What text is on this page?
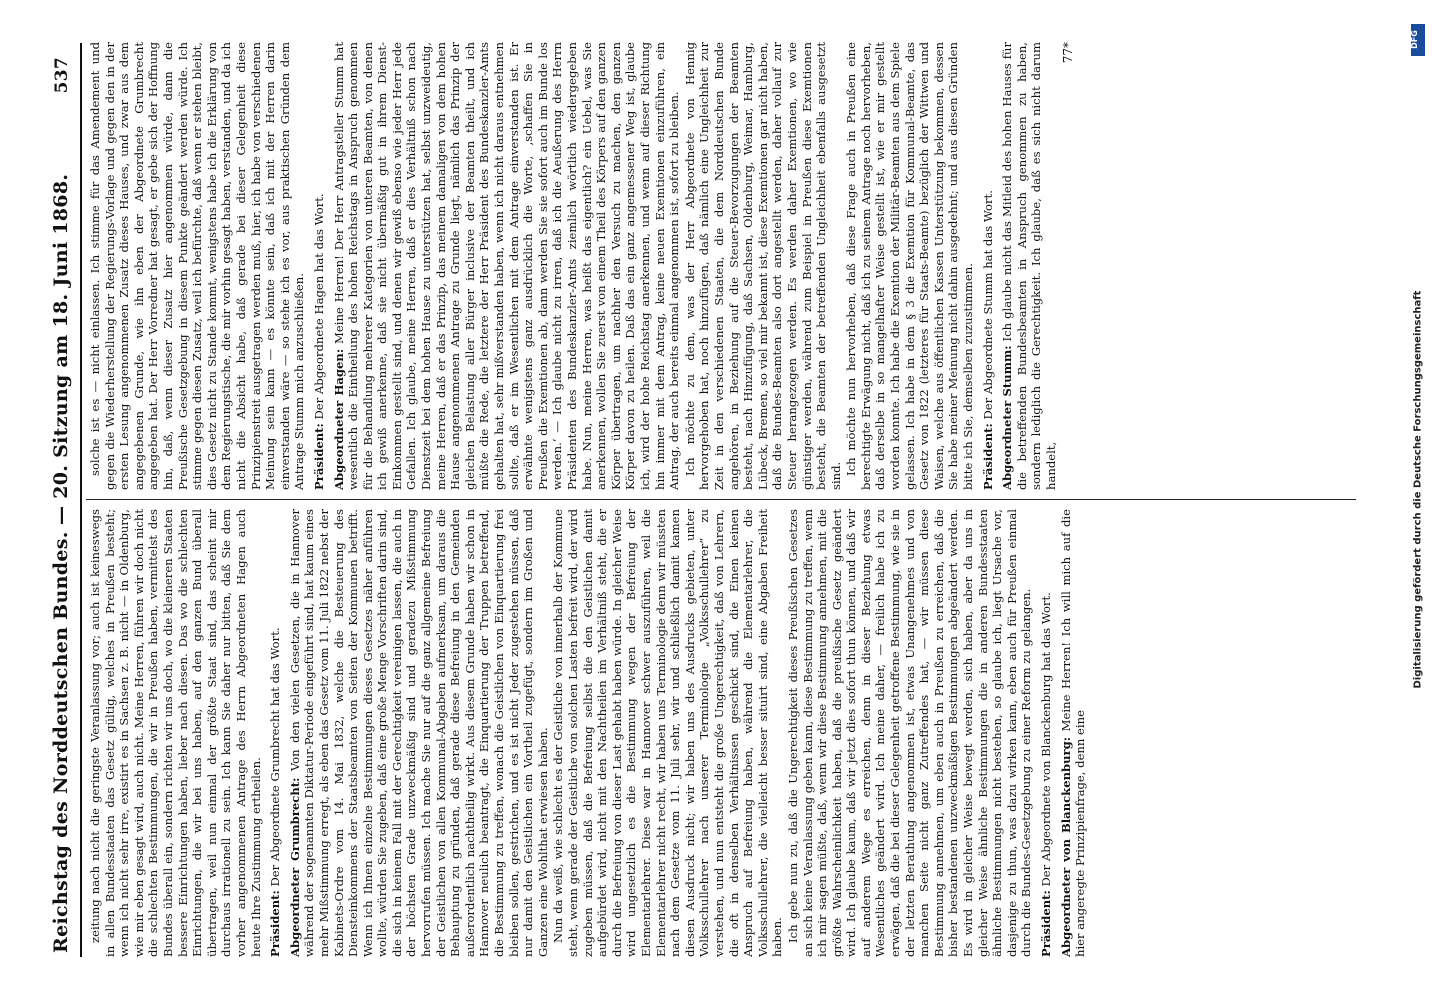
Reichstag des Norddeutschen Bundes.
— 20. Sitzung am 18. Juni 1868.
537

zeitung nach nicht die geringste Veranlassung vor; auch ist keineswegs in allen Bundesstaaten das Gesetz gültig, welches in Preußen besteht; wenn ich nicht sehr irre, existirt es in Sachsen z. B. nicht — in Oldenburg, wie mir eben gesagt wird, auch nicht. Meine Herren, führen wir doch nicht die schlechten Bestimmungen, die wir in Preußen haben, vermittelst des Bundes überall ein, sondern richten wir uns doch, wo die kleineren Staaten bessere Einrichtungen haben, lieber nach diesen. Das wo die schlechten Einrichtungen, die wir bei uns haben, auf den ganzen Bund überall übertragen, weil nun einmal der größte Staat sind, das scheint mir durchaus irrationell zu sein. Ich kann Sie daher nur bitten, daß Sie dem vorher angenommenen Antrage des Herrn Abgeordneten Hagen auch heute Ihre Zustimmung ertheilen. Präsident: Der Abgeordnete Grumbrecht hat das Wort. Abgeordneter Grumbrecht: Von den vielen Gesetzen, die in Hannover während der sogenannten Diktatur-Periode eingeführt sind, hat kaum eines mehr Mißstimmung erregt, als eben das Gesetz vom 11. Juli 1822 nebst der Kabinets-Ordre vom 14. Mai 1832, welche die Besteuerung des Diensteinkommens der Staatsbeamten von Seiten der Kommunen betrifft. Wenn ich Ihnen einzelne Bestimmungen dieses Gesetzes näher anführen wollte, würden Sie zugeben, daß eine große Menge Vorschriften darin sind, die sich in keinem Fall mit der Gerechtigkeit vereinigen lassen, die auch in der höchsten Grade unzweckmäßig sind und geradezu Mißstimmung hervorrufen müssen. Ich mache Sie nur auf die ganz allgemeine Befreiung der Geistlichen von allen Kommunal-Abgaben aufmerksam, um daraus die Behauptung zu gründen, daß gerade diese Befreiung in den Gemeinden außerordentlich nachtheilig wirkt. Aus diesem Grunde haben wir schon in Hannover neulich beantragt, die Einquartierung der Truppen betreffend, die Bestimmung zu treffen, wonach die Geistlichen von Einquartierung frei bleiben sollen, gestrichen, und es ist nicht Jeder zugestehen müssen, daß nur damit den Geistlichen ein Vortheil zugefügt, sondern im Großen und Ganzen eine Wohlthat erwiesen haben. Nun da weiß, wie schlecht es der Geistliche von innerhalb der Kommune steht, wenn gerade der Geistliche von solchen Lasten befreit wird, der wird zugeben müssen, daß die Befreiung selbst die den Geistlichen damit aufgebürdet wird, nicht mit den Nachtheilen im Verhältniß steht, die er durch die Befreiung von dieser Last gehabt haben würde. In gleicher Weise wird ungesetzlich es die Bestimmung wegen der Befreiung der Elementarlehrer. Diese war in Hannover schwer auszuführen, weil die Elementarlehrer nicht recht, wir haben uns Terminologie denn wir müssten nach dem Gesetze vom 11. Juli sehr, wir und schließlich damit kamen diesen Ausdruck nicht; wir haben uns des Ausdrucks gebieten, unter Volksschullehrer nach unserer Terminologie „Volksschullehrer“ zu verstehen, und nun entsteht die große Ungerechtigkeit, daß von Lehrern, die oft in denselben Verhältnissen geschickt sind, die Einen keinen Anspruch auf Befreiung haben, während die Elementarlehrer, die Volksschullehrer, die vielleicht besser situirt sind, eine Abgaben Freiheit haben. Ich gebe nun zu, daß die Ungerechtigkeit dieses Preußischen Gesetzes an sich keine Veranlassung geben kann, diese Bestimmung zu treffen, wenn ich mir sagen müßte, daß, wenn wir diese Bestimmung annehmen, mit die größte Wahrscheinlichkeit haben, daß die preußische Gesetz geändert wird. Ich glaube kaum, daß wir jetzt dies sofort thun können, und daß wir auf anderem Wege es erreichen, denn in dieser Beziehung etwas Wesentliches geändert wird. Ich meine daher, — freilich habe ich zu erwägen, daß die bei dieser Gelegenheit getroffene Bestimmung, wie sie in der letzten Berathung angenommen ist, etwas Unangenehmes und von manchen Seite nicht ganz Zutreffendes hat, — wir müssen diese Bestimmung annehmen, um eben auch in Preußen zu erreichen, daß die bisher bestandenen unzweckmäßigen Bestimmungen abgeändert werden. Es wird in gleicher Weise bewegt werden, sich haben, aber da uns in gleicher Weise ähnliche Bestimmungen die in anderen Bundesstaaten ähnliche Bestimmungen nicht bestehen, so glaube ich, liegt Ursache vor, dasjenige zu thun, was dazu wirken kann, eben auch für Preußen einmal durch die Bundes-Gesetzgebung zu einer Reform zu gelangen. Präsident: Der Abgeordnete von Blanckenburg hat das Wort. Abgeordneter von Blanckenburg: Meine Herren! Ich will mich auf die hier angeregte Prinzipienfrage, denn eine

solche ist es — nicht einlassen. Ich stimme für das Amendement und gegen die Wiederherstellung der Regierungs-Vorlage und gegen den in der ersten Lesung angenommenen Zusatz dieses Hauses, und zwar aus dem angegebenen Grunde, wie ihn eben der Abgeordnete Grumbrecht angegeben hat. Der Herr Vorredner hat gesagt, er gebe sich der Hoffnung hin, daß, wenn dieser Zusatz hier angenommen würde, dann die Preußische Gesetzgebung in diesem Punkte geändert werden würde. Ich stimme gegen diesen Zusatz, weil ich befürchte, daß wenn er stehen bleibt, dies Gesetz nicht zu Stande kommt, wenigstens habe ich die Erklärung von dem Regierungstische, die mir vorhin gesagt haben, verstanden, und da ich nicht die Absicht habe, daß gerade bei dieser Gelegenheit diese Prinzipienstreit ausgetragen werden muß, hier, ich habe von verschiedenen Meinung sein kann — es könnte sein, daß ich mit der Herren darin einverstanden wäre — so stehe ich es vor, aus praktischen Gründen dem Antrage Stumm mich anzuschließen. Präsident: Der Abgeordnete Hagen hat das Wort. Abgeordneter Hagen: Meine Herren! Der Herr Antragsteller Stumm hat wesentlich die Eintheilung des hohen Reichstags in Anspruch genommen für die Behandlung mehrerer Kategorien von unteren Beamten, von denen ich gewiß anerkenne, daß sie nicht übermäßig gut in ihrem Dienst-Einkommen gestellt sind, und denen wir gewiß ebenso wie jeder Herr jede Gefallen. Ich glaube, meine Herren, daß er dies Verhältniß schon nach Dienstzeit bei dem hohen Hause zu unterstützen hat, selbst unzweideutig, meine Herren, daß er das Prinzip, das meinem damaligen von dem hohen Hause angenommenen Antrage zu Grunde liegt, nämlich das Prinzip der gleichen Belastung aller Bürger inclusive der Beamten theilt, und ich müßte die Rede, die letztere der Herr Präsident des Bundeskanzler-Amts gehalten hat, sehr mißverstanden haben, wenn ich nicht daraus entnehmen sollte, daß er im Wesentlichen mit dem Antrage einverstanden ist. Er erwähnte wenigstens ganz ausdrücklich die Worte, ‚schaffen Sie in Preußen die Exemtionen ab, dann werden Sie sie sofort auch im Bunde los werden.‘ — Ich glaube nicht zu irren, daß ich die Aeußerung des Herrn Präsidenten des Bundeskanzler-Amts ziemlich wörtlich wiedergegeben habe. Nun, meine Herren, was heißt das eigentlich? ein Uebel, was Sie anerkennen, wollen Sie zuerst von einem Theil des Körpers auf den ganzen Körper übertragen, um nachher den Versuch zu machen, den ganzen Körper davon zu heilen. Daß das ein ganz angemessener Weg ist, glaube ich, wird der hohe Reichstag anerkennen, und wenn auf dieser Richtung hin immer mit dem Antrag, keine neuen Exemtionen einzuführen, ein Antrag, der auch bereits einmal angenommen ist, sofort zu bleiben. Ich möchte zu dem, was der Herr Abgeordnete von Hennig hervorgehoben hat, noch hinzufügen, daß nämlich eine Ungleichheit zur Zeit in den verschiedenen Staaten, die dem Norddeutschen Bunde angehören, in Beziehung auf die Steuer-Bevorzugungen der Beamten besteht, nach Hinzufügung, daß Sachsen, Oldenburg, Weimar, Hamburg, Lübeck, Bremen, so viel mir bekannt ist, diese Exemtionen gar nicht haben, daß die Bundes-Beamten also dort angestellt werden, daher vollauf zur Steuer herangezogen werden. Es werden daher Exemtionen, wo wie günstiger werden, während zum Beispiel in Preußen diese Exemtionen besteht, die Beamten der betreffenden Ungleichheit ebenfalls ausgesetzt sind. Ich möchte nun hervorheben, daß diese Frage auch in Preußen eine berechtigte Erwägung nicht, daß ich zu seinem Antrage noch hervorheben, daß derselbe in so mangelhafter Weise gestellt ist, wie er mir gestellt worden konnte. Ich habe die Exemtion der Militär-Beamten aus dem Spiele gelassen. Ich habe in dem § 3 die Exemtion für Kommunal-Beamte, das Gesetz von 1822 (letzteres für Staats-Beamte) bezüglich der Wittwen und Waisen, welche aus öffentlichen Kassen Unterstützung bekommen, dessen Sie habe meiner Meinung nicht dahin ausgedehnt; und aus diesen Gründen bitte ich Sie, demselben zuzustimmen. Präsident: Der Abgeordnete Stumm hat das Wort. Abgeordneter Stumm: Ich glaube nicht das Mitleid des hohen Hauses für die betreffenden Bundesbeamten in Anspruch genommen zu haben, sondern lediglich die Gerechtigkeit. Ich glaube, daß es sich nicht darum handelt,

77*
Digitalisierung gefördert durch die Deutsche Forschungsgemeinschaft
DFG
